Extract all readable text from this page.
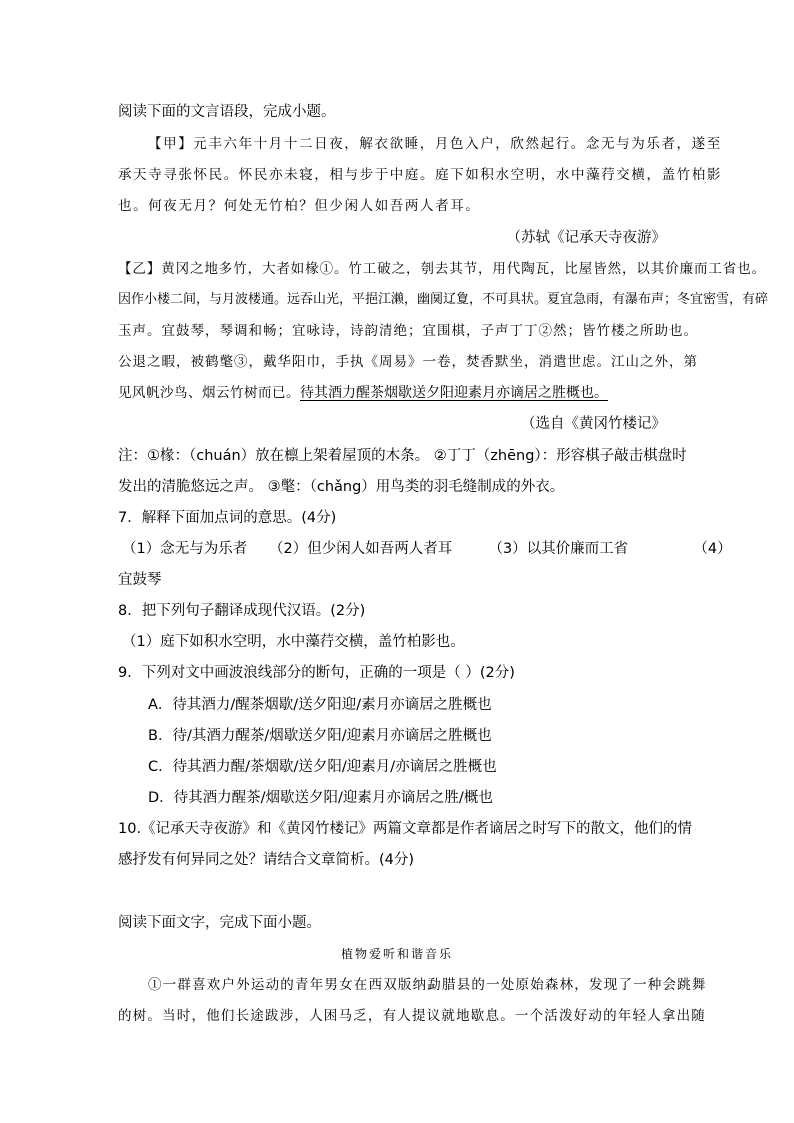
阅读下面的文言语段，完成小题。
【甲】元丰六年十月十二日夜，解衣欲睡，月色入户，欣然起行。念无与为乐者，遂至
承天寺寻张怀民。怀民亦未寝，相与步于中庭。庭下如积水空明，水中藻荇交横，盖竹柏影
也。何夜无月？何处无竹柏？但少闲人如吾两人者耳。
（苏轼《记承天寺夜游》
【乙】黄冈之地多竹，大者如椽①。竹工破之，刳去其节，用代陶瓦，比屋皆然，以其价廉而工省也。
因作小楼二间，与月波楼通。远吞山光，平挹江濑，幽阒辽夐，不可具状。夏宜急雨，有瀑布声；冬宜密雪，有碎
玉声。宜鼓琴，琴调和畅；宜咏诗，诗韵清绝；宜围棋，子声丁丁②然；皆竹楼之所助也。
公退之暇，被鹤氅③，戴华阳巾，手执《周易》一卷，焚香默坐，消遣世虑。江山之外，第
见风帆沙鸟、烟云竹树而已。待其酒力醒茶烟歇送夕阳迎素月亦谪居之胜概也。
（选自《黄冈竹楼记》
注：①椽：（chuán）放在檩上架着屋顶的木条。 ②丁丁（zhēng）：形容棋子敲击棋盘时
发出的清脆悠远之声。 ③氅：（chǎng）用鸟类的羽毛缝制成的外衣。
7．解释下面加点词的意思。(4分)
（1）念无与为乐者　　（2）但少闲人如吾两人者耳　　　（3）以其价廉而工省　　　　　（4）
宜鼓琴
8．把下列句子翻译成现代汉语。(2分)
（1）庭下如积水空明，水中藻荇交横，盖竹柏影也。
9．下列对文中画波浪线部分的断句，正确的一项是（ ）(2分)
A．待其酒力/醒茶烟歇/送夕阳迎/素月亦谪居之胜概也
B．待/其酒力醒茶/烟歇送夕阳/迎素月亦谪居之胜概也
C．待其酒力醒/茶烟歇/送夕阳/迎素月/亦谪居之胜概也
D．待其酒力醒茶/烟歇送夕阳/迎素月亦谪居之胜/概也
10.《记承天寺夜游》和《黄冈竹楼记》两篇文章都是作者谪居之时写下的散文，他们的情
感抒发有何异同之处？请结合文章简析。(4分)
阅读下面文字，完成下面小题。
植物爱听和谐音乐
①一群喜欢户外运动的青年男女在西双版纳勐腊县的一处原始森林，发现了一种会跳舞
的树。当时，他们长途跋涉，人困马乏，有人提议就地歇息。一个活泼好动的年轻人拿出随
